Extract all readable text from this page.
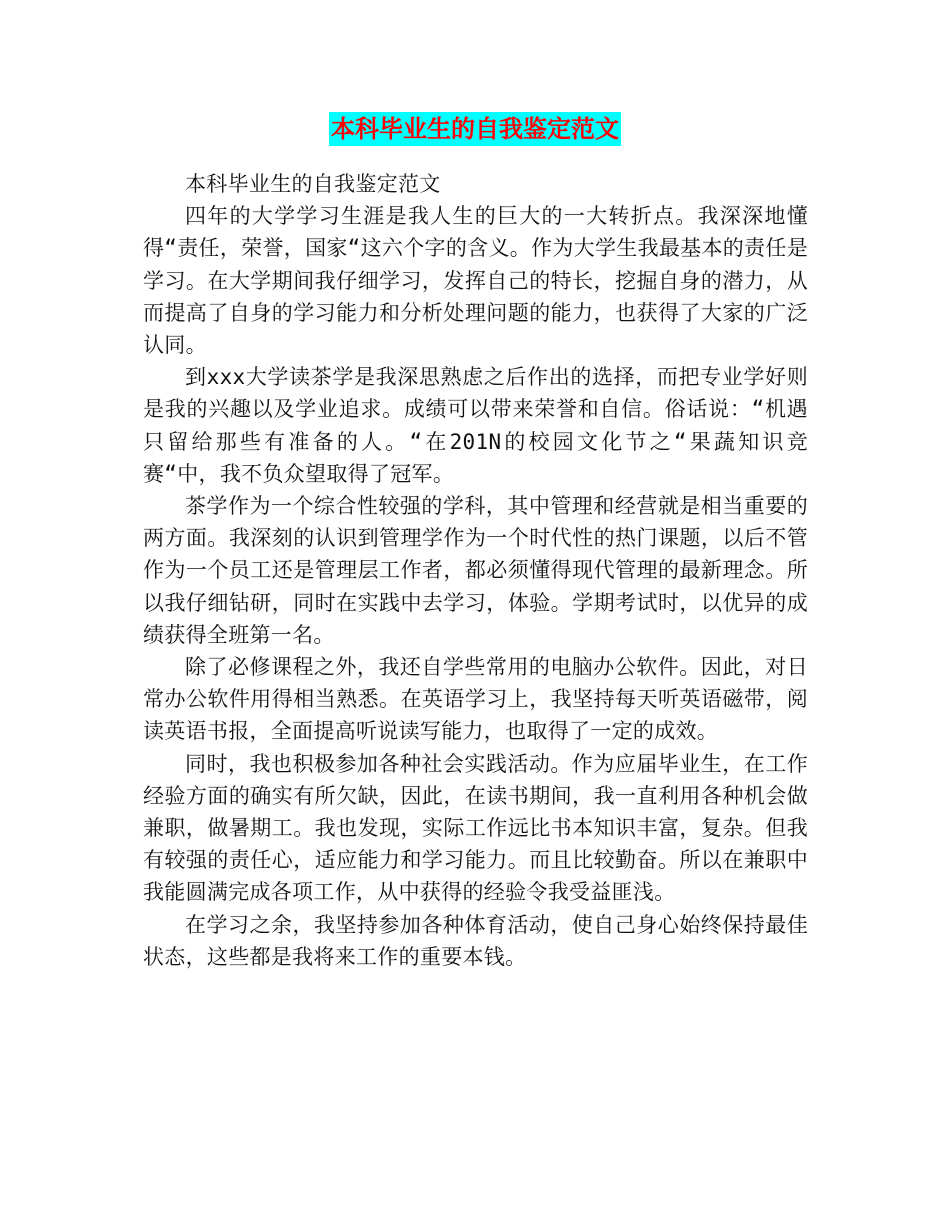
本科毕业生的自我鉴定范文

本科毕业生的自我鉴定范文

四年的大学学习生涯是我人生的巨大的一大转折点。我深深地懂得“责任，荣誉，国家“这六个字的含义。作为大学生我最基本的责任是学习。在大学期间我仔细学习，发挥自己的特长，挖掘自身的潜力，从而提高了自身的学习能力和分析处理问题的能力，也获得了大家的广泛认同。

到xxx大学读茶学是我深思熟虑之后作出的选择，而把专业学好则是我的兴趣以及学业追求。成绩可以带来荣誉和自信。俗话说：“机遇只留给那些有准备的人。“在201N的校园文化节之“果蔬知识竞赛“中，我不负众望取得了冠军。

茶学作为一个综合性较强的学科，其中管理和经营就是相当重要的两方面。我深刻的认识到管理学作为一个时代性的热门课题，以后不管作为一个员工还是管理层工作者，都必须懂得现代管理的最新理念。所以我仔细钻研，同时在实践中去学习，体验。学期考试时，以优异的成绩获得全班第一名。

除了必修课程之外，我还自学些常用的电脑办公软件。因此，对日常办公软件用得相当熟悉。在英语学习上，我坚持每天听英语磁带，阅读英语书报，全面提高听说读写能力，也取得了一定的成效。

同时，我也积极参加各种社会实践活动。作为应届毕业生，在工作经验方面的确实有所欠缺，因此，在读书期间，我一直利用各种机会做兼职，做暑期工。我也发现，实际工作远比书本知识丰富，复杂。但我有较强的责任心，适应能力和学习能力。而且比较勤奋。所以在兼职中我能圆满完成各项工作，从中获得的经验令我受益匪浅。

在学习之余，我坚持参加各种体育活动，使自己身心始终保持最佳状态，这些都是我将来工作的重要本钱。
